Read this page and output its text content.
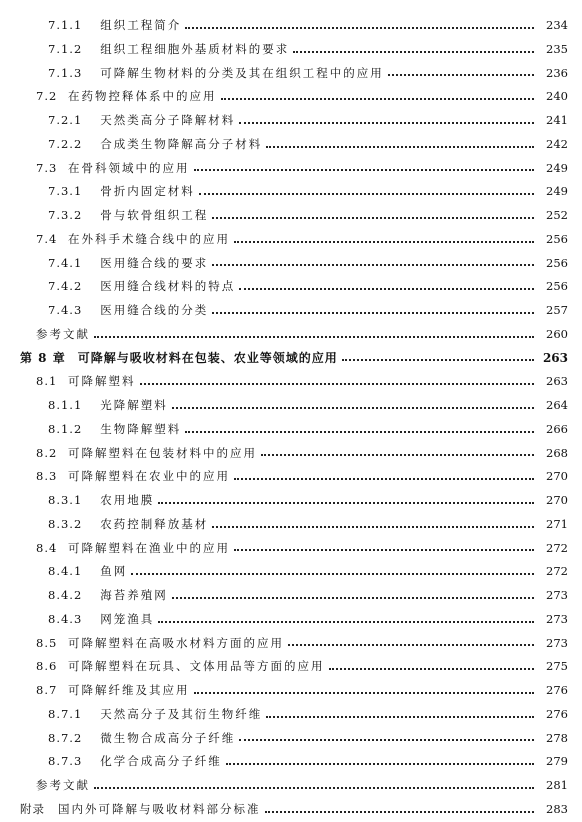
7.1.1 组织工程简介	234
7.1.2 组织工程细胞外基质材料的要求	235
7.1.3 可降解生物材料的分类及其在组织工程中的应用	236
7.2 在药物控释体系中的应用	240
7.2.1 天然类高分子降解材料	241
7.2.2 合成类生物降解高分子材料	242
7.3 在骨科领域中的应用	249
7.3.1 骨折内固定材料	249
7.3.2 骨与软骨组织工程	252
7.4 在外科手术缝合线中的应用	256
7.4.1 医用缝合线的要求	256
7.4.2 医用缝合线材料的特点	256
7.4.3 医用缝合线的分类	257
参考文献	260
第 8 章 可降解与吸收材料在包装、农业等领域的应用	263
8.1 可降解塑料	263
8.1.1 光降解塑料	264
8.1.2 生物降解塑料	266
8.2 可降解塑料在包装材料中的应用	268
8.3 可降解塑料在农业中的应用	270
8.3.1 农用地膜	270
8.3.2 农药控制释放基材	271
8.4 可降解塑料在渔业中的应用	272
8.4.1 鱼网	272
8.4.2 海苔养殖网	273
8.4.3 网笼渔具	273
8.5 可降解塑料在高吸水材料方面的应用	273
8.6 可降解塑料在玩具、文体用品等方面的应用	275
8.7 可降解纤维及其应用	276
8.7.1 天然高分子及其衍生物纤维	276
8.7.2 微生物合成高分子纤维	278
8.7.3 化学合成高分子纤维	279
参考文献	281
附录 国内外可降解与吸收材料部分标准	283
